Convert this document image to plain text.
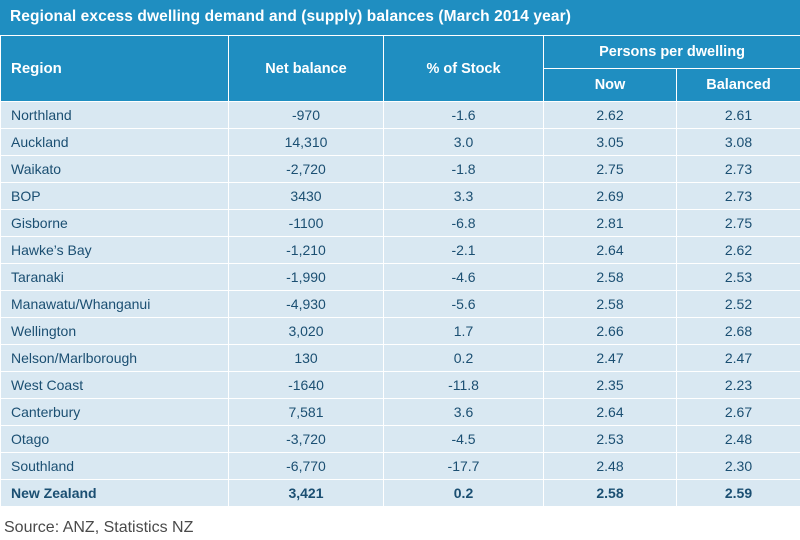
Regional excess dwelling demand and (supply) balances (March 2014 year)
Region	Net balance	% of Stock	Persons per dwelling	
			Now	Balanced
Northland	-970	-1.6	2.62	2.61
Auckland	14,310	3.0	3.05	3.08
Waikato	-2,720	-1.8	2.75	2.73
BOP	3430	3.3	2.69	2.73
Gisborne	-1100	-6.8	2.81	2.75
Hawke’s Bay	-1,210	-2.1	2.64	2.62
Taranaki	-1,990	-4.6	2.58	2.53
Manawatu/Whanganui	-4,930	-5.6	2.58	2.52
Wellington	3,020	1.7	2.66	2.68
Nelson/Marlborough	130	0.2	2.47	2.47
West Coast	-1640	-11.8	2.35	2.23
Canterbury	7,581	3.6	2.64	2.67
Otago	-3,720	-4.5	2.53	2.48
Southland	-6,770	-17.7	2.48	2.30
New Zealand	3,421	0.2	2.58	2.59
Source: ANZ, Statistics NZ
